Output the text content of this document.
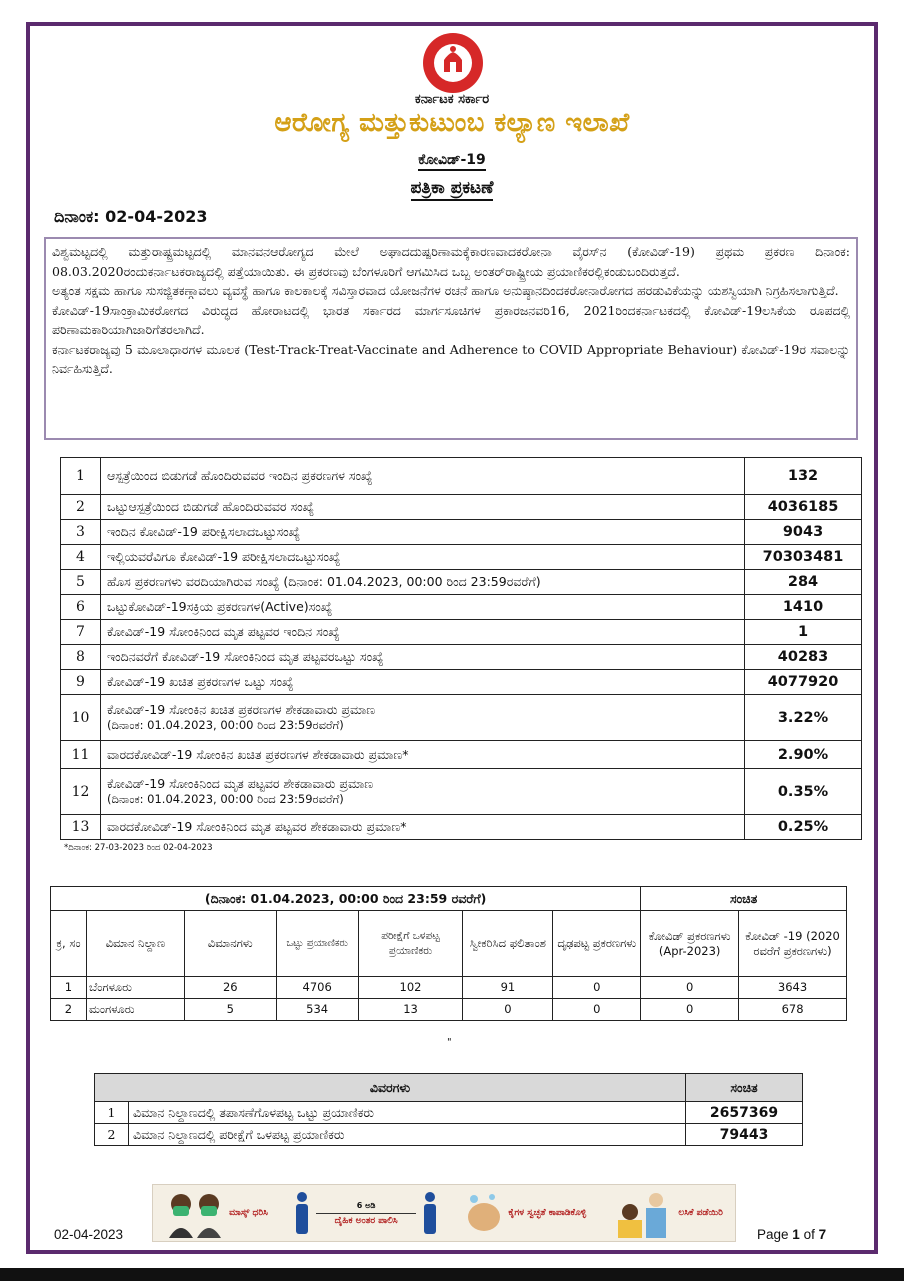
ಕರ್ನಾಟಕ ಸರ್ಕಾರ
ಆರೋಗ್ಯ ಮತ್ತುಕುಟುಂಬ ಕಲ್ಯಾಣ ಇಲಾಖೆ
ಕೋವಿಡ್-19
ಪತ್ರಿಕಾ ಪ್ರಕಟಣೆ
ದಿನಾಂಕ: 02-04-2023

ವಿಶ್ವಮಟ್ಟದಲ್ಲಿ ಮತ್ತುರಾಷ್ಟ್ರಮಟ್ಟದಲ್ಲಿ ಮಾನವನಆರೋಗ್ಯದ ಮೇಲೆ ಅಘಾದದುಷ್ಪರಿಣಾಮಕ್ಕೆಕಾರಣವಾದಕರೋನಾ ವೈರಸ್‌ನ (ಕೋವಿಡ್-19) ಪ್ರಥಮ ಪ್ರಕರಣ ದಿನಾಂಕ: 08.03.2020ರಂದುಕರ್ನಾಟಕರಾಜ್ಯದಲ್ಲಿ ಪತ್ತೆಯಾಯಿತು. ಈ ಪ್ರಕರಣವು ಬೆಂಗಳೂರಿಗೆ ಆಗಮಿಸಿದ ಒಬ್ಬ ಅಂತರ್‌ರಾಷ್ಟ್ರೀಯ ಪ್ರಯಾಣಿಕರಲ್ಲಿಕಂಡುಬಂದಿರುತ್ತದೆ.

ಅತ್ಯಂತ ಸಕ್ಷಮ ಹಾಗೂ ಸುಸಜ್ಜಿತಕಣ್ಗಾವಲು ವ್ಯವಸ್ಥೆ ಹಾಗೂ ಕಾಲಕಾಲಕ್ಕೆ ಸವಿಸ್ತಾರವಾದ ಯೋಜನೆಗಳ ರಚನೆ ಹಾಗೂ ಅನುಷ್ಠಾನದಿಂದಕರೋನಾರೋಗದ ಹರಡುವಿಕೆಯನ್ನು ಯಶಸ್ವಿಯಾಗಿ ನಿಗ್ರಹಿಸಲಾಗುತ್ತಿದೆ.

ಕೋವಿಡ್-19ಸಾಂಕ್ರಾಮಿಕರೋಗದ ವಿರುದ್ಧದ ಹೋರಾಟದಲ್ಲಿ ಭಾರತ ಸರ್ಕಾರದ ಮಾರ್ಗಸೂಚಿಗಳ ಪ್ರಕಾರಜನವರಿ16, 2021ರಿಂದಕರ್ನಾಟಕದಲ್ಲಿ ಕೋವಿಡ್-19ಲಸಿಕೆಯ ರೂಪದಲ್ಲಿ ಪರಿಣಾಮಕಾರಿಯಾಗಿಜಾರಿಗೆತರಲಾಗಿದೆ.

ಕರ್ನಾಟಕರಾಜ್ಯವು 5 ಮೂಲಾಧಾರಗಳ ಮೂಲಕ (Test-Track-Treat-Vaccinate and Adherence to COVID Appropriate Behaviour) ಕೋವಿಡ್-19ರ ಸವಾಲನ್ನು ನಿರ್ವಹಿಸುತ್ತಿದೆ.

1	ಆಸ್ಪತ್ರೆಯಿಂದ ಬಿಡುಗಡೆ ಹೊಂದಿರುವವರ ಇಂದಿನ ಪ್ರಕರಣಗಳ ಸಂಖ್ಯೆ	132
2	ಒಟ್ಟುಆಸ್ಪತ್ರೆಯಿಂದ ಬಿಡುಗಡೆ ಹೊಂದಿರುವವರ ಸಂಖ್ಯೆ	4036185
3	ಇಂದಿನ ಕೋವಿಡ್-19 ಪರೀಕ್ಷಿಸಲಾದಒಟ್ಟುಸಂಖ್ಯೆ	9043
4	ಇಲ್ಲಿಯವರೆವಿಗೂ ಕೋವಿಡ್-19 ಪರೀಕ್ಷಿಸಲಾದಒಟ್ಟುಸಂಖ್ಯೆ	70303481
5	ಹೊಸ ಪ್ರಕರಣಗಳು ವರದಿಯಾಗಿರುವ ಸಂಖ್ಯೆ (ದಿನಾಂಕ: 01.04.2023, 00:00 ರಿಂದ 23:59ರವರೆಗೆ)	284
6	ಒಟ್ಟುಕೋವಿಡ್-19ಸಕ್ರಿಯ ಪ್ರಕರಣಗಳ(Active)ಸಂಖ್ಯೆ	1410
7	ಕೋವಿಡ್-19 ಸೋಂಕಿನಿಂದ ಮೃತ ಪಟ್ಟವರ ಇಂದಿನ ಸಂಖ್ಯೆ	1
8	ಇಂದಿನವರೆಗೆ ಕೋವಿಡ್-19 ಸೋಂಕಿನಿಂದ ಮೃತ ಪಟ್ಟವರಒಟ್ಟು ಸಂಖ್ಯೆ	40283
9	ಕೋವಿಡ್-19 ಖಚಿತ ಪ್ರಕರಣಗಳ ಒಟ್ಟು ಸಂಖ್ಯೆ	4077920
10	ಕೋವಿಡ್-19 ಸೋಂಕಿನ ಖಚಿತ ಪ್ರಕರಣಗಳ ಶೇಕಡಾವಾರು ಪ್ರಮಾಣ
(ದಿನಾಂಕ: 01.04.2023, 00:00 ರಿಂದ 23:59ರವರೆಗೆ)	3.22%
11	ವಾರದಕೋವಿಡ್-19 ಸೋಂಕಿನ ಖಚಿತ ಪ್ರಕರಣಗಳ ಶೇಕಡಾವಾರು ಪ್ರಮಾಣ*	2.90%
12	ಕೋವಿಡ್-19 ಸೋಂಕಿನಿಂದ ಮೃತ ಪಟ್ಟವರ ಶೇಕಡಾವಾರು ಪ್ರಮಾಣ
(ದಿನಾಂಕ: 01.04.2023, 00:00 ರಿಂದ 23:59ರವರೆಗೆ)	0.35%
13	ವಾರದಕೋವಿಡ್-19 ಸೋಂಕಿನಿಂದ ಮೃತ ಪಟ್ಟವರ ಶೇಕಡಾವಾರು ಪ್ರಮಾಣ*	0.25%
*ದಿನಾಂಕ: 27-03-2023 ರಿಂದ 02-04-2023
(ದಿನಾಂಕ: 01.04.2023, 00:00 ರಿಂದ 23:59 ರವರೆಗೆ)							ಸಂಚಿತ	
ಕ್ರ, ಸಂ	ವಿಮಾನ ನಿಲ್ದಾಣ	ವಿಮಾನಗಳು	ಒಟ್ಟು ಪ್ರಯಾಣಿಕರು	ಪರೀಕ್ಷೆಗೆ ಒಳಪಟ್ಟ ಪ್ರಯಾಣಿಕರು	ಸ್ವೀಕರಿಸಿದ ಫಲಿತಾಂಶ	ದೃಢಪಟ್ಟ ಪ್ರಕರಣಗಳು	ಕೋವಿಡ್ ಪ್ರಕರಣಗಳು (Apr-2023)	ಕೋವಿಡ್ -19 (2020 ರವರೆಗೆ ಪ್ರಕರಣಗಳು)
1	ಬೆಂಗಳೂರು	26	4706	102	91	0	0	3643
2	ಮಂಗಳೂರು	5	534	13	0	0	0	678
"
ವಿವರಗಳು		ಸಂಚಿತ
1	ವಿಮಾನ ನಿಲ್ದಾಣದಲ್ಲಿ ತಪಾಸಣೆಗೊಳಪಟ್ಟ ಒಟ್ಟು ಪ್ರಯಾಣಿಕರು	2657369
2	ವಿಮಾನ ನಿಲ್ದಾಣದಲ್ಲಿ ಪರೀಕ್ಷೆಗೆ ಒಳಪಟ್ಟ ಪ್ರಯಾಣಿಕರು	79443
ಮಾಸ್ಕ್ ಧರಿಸಿ
6 ಅಡಿ
ದೈಹಿಕ ಅಂತರ ಪಾಲಿಸಿ
ಕೈಗಳ ಸ್ವಚ್ಛತೆ ಕಾಪಾಡಿಕೊಳ್ಳಿ	ಲಸಿಕೆ ಪಡೆಯಿರಿ
02-04-2023	Page 1 of 7
